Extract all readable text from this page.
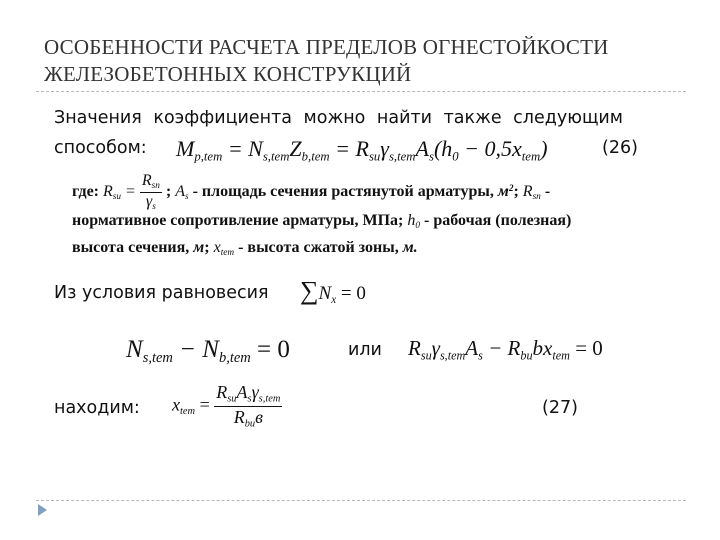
ОСОБЕННОСТИ РАСЧЕТА ПРЕДЕЛОВ ОГНЕСТОЙКОСТИ
ЖЕЛЕЗОБЕТОННЫХ КОНСТРУКЦИЙ
Значения коэффициента можно найти также следующим
способом: $M_{p,tem} = N_{s,tem}Z_{b,tem} = R_{su}\gamma_{s,tem}A_s(h_0 - 0,5x_{tem})$	(26)
где: $R_{su} = \frac{R_{sn}}{\gamma_s}$ ; $A_s$ - площадь сечения растянутой арматуры, $м^2$; $R_{sn}$ -
нормативное сопротивление арматуры, МПа; $h_0$ - рабочая (полезная)
высота сечения, м; $x_{tem}$ - высота сжатой зоны, м.
Из условия равновесия $\sum N_x = 0$
$N_{s,tem} - N_{b,tem} = 0$	или $R_{su}\gamma_{s,tem}A_s - R_{bu}bx_{tem} = 0$
находим: $x_{tem} = \frac{R_{su}A_s\gamma_{s,tem}}{R_{bu}в}$	(27)
